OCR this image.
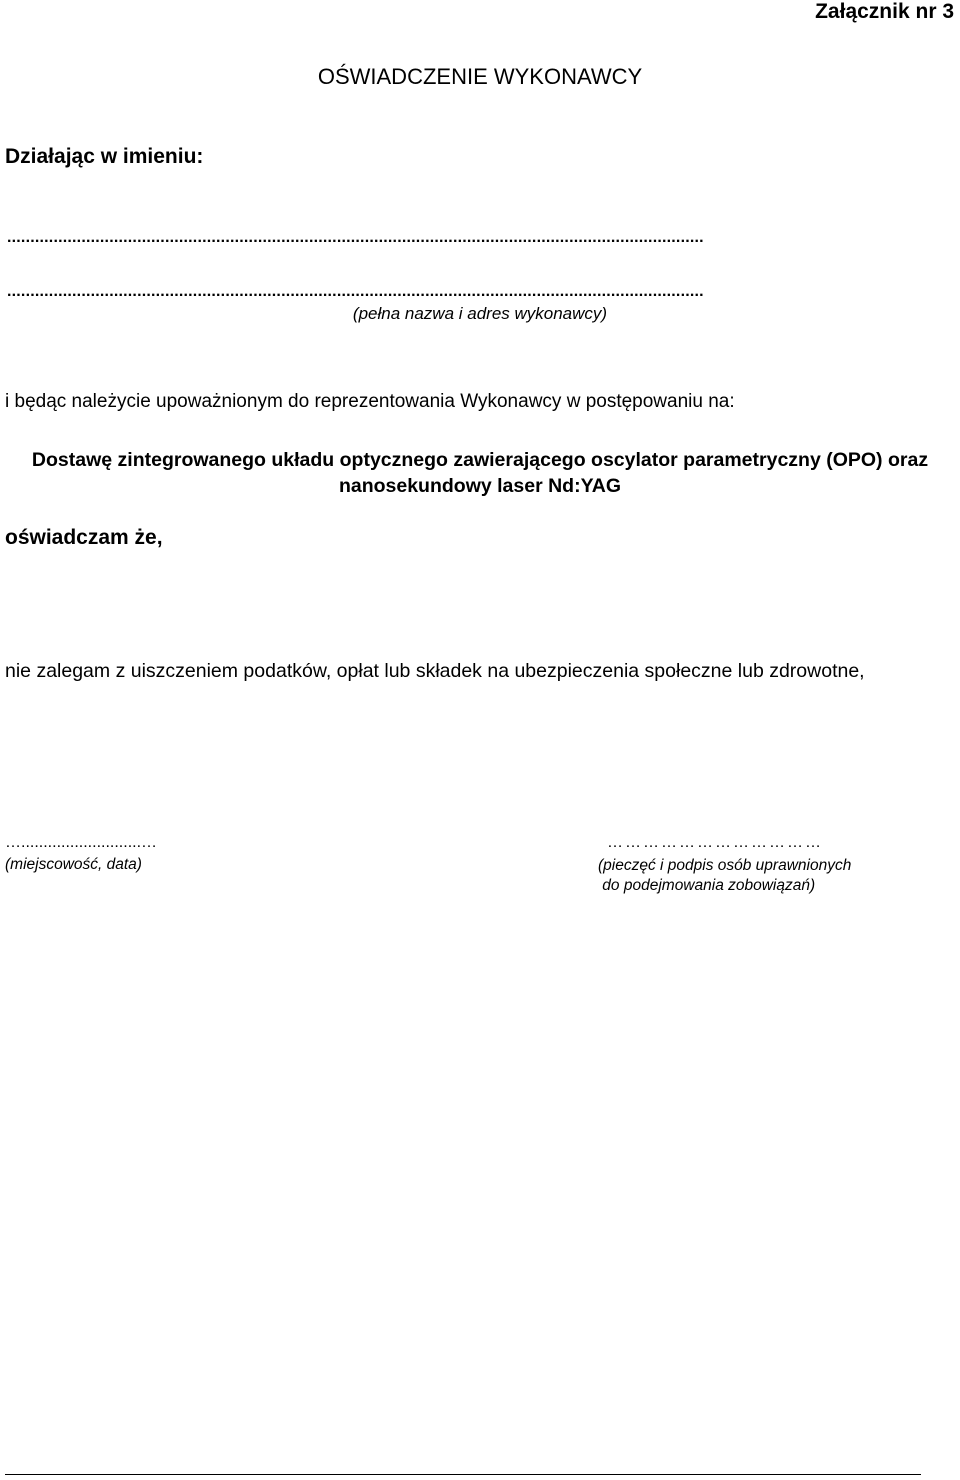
Załącznik nr 3
OŚWIADCZENIE WYKONAWCY
Działając w imieniu:
......................................................................................................................................................
......................................................................................................................................................
(pełna nazwa i adres wykonawcy)
i będąc należycie upoważnionym do reprezentowania Wykonawcy w postępowaniu na:
Dostawę zintegrowanego układu optycznego zawierającego oscylator parametryczny (OPO) oraz nanosekundowy laser Nd:YAG
oświadczam że,
nie zalegam z uiszczeniem podatków, opłat lub składek na ubezpieczenia społeczne lub zdrowotne,
…...........................…
(miejscowość, data)
………………………………
(pieczęć i podpis osób uprawnionych
do podejmowania zobowiązań)
